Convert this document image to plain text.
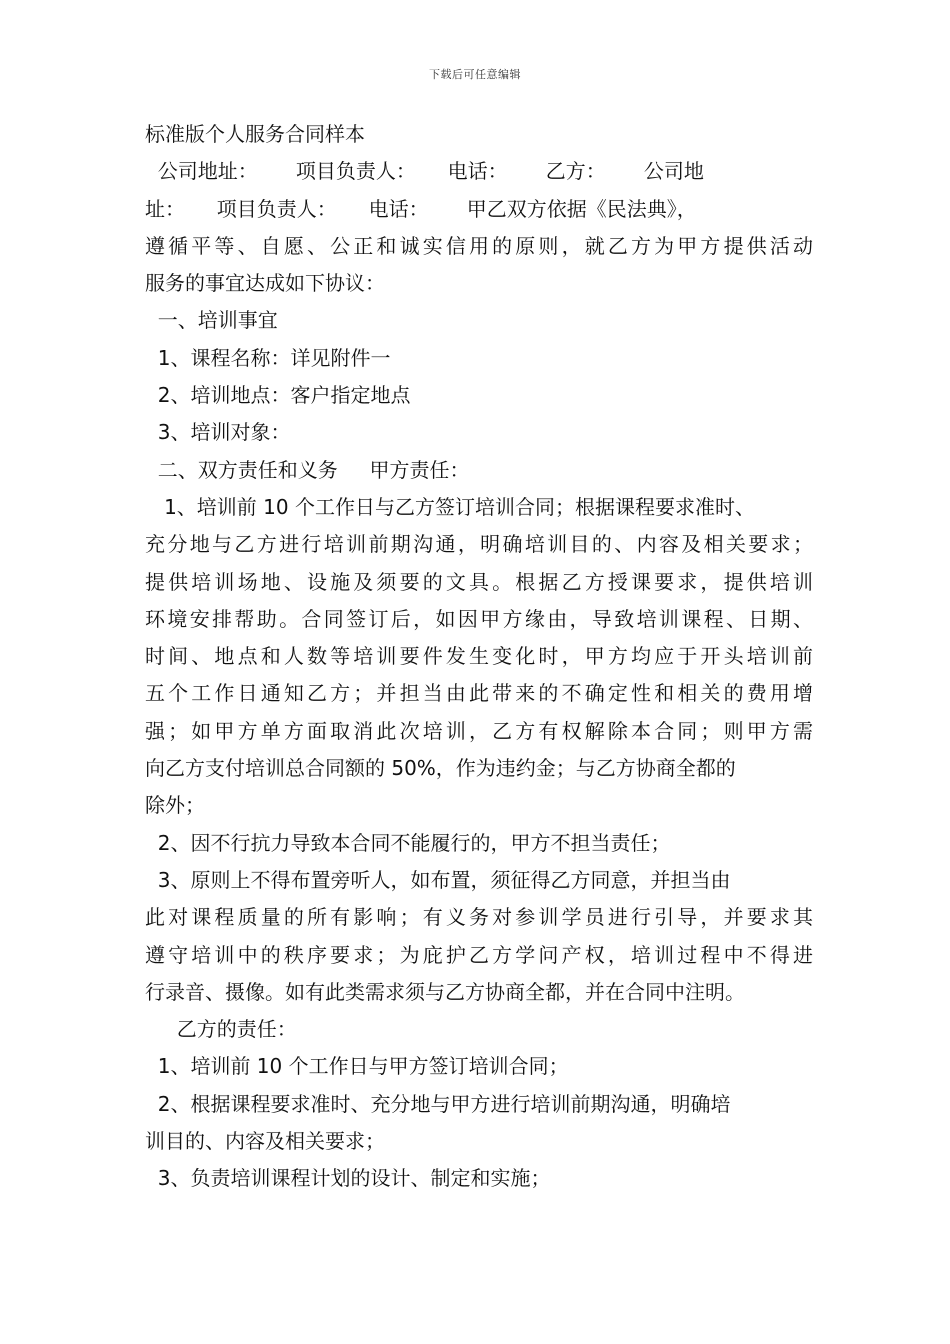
下载后可任意编辑
标准版个人服务合同样本
公司地址：      项目负责人：     电话：      乙方：      公司地
址：     项目负责人：     电话：      甲乙双方依据《民法典》，
遵循平等、自愿、公正和诚实信用的原则，就乙方为甲方提供活动
服务的事宜达成如下协议：
一、培训事宜
1、课程名称：详见附件一
2、培训地点：客户指定地点
3、培训对象：
二、双方责任和义务     甲方责任：
1、培训前 10 个工作日与乙方签订培训合同；根据课程要求准时、
充分地与乙方进行培训前期沟通，明确培训目的、内容及相关要求；
提供培训场地、设施及须要的文具。根据乙方授课要求，提供培训
环境安排帮助。合同签订后，如因甲方缘由，导致培训课程、日期、
时间、地点和人数等培训要件发生变化时，甲方均应于开头培训前
五个工作日通知乙方；并担当由此带来的不确定性和相关的费用增
强；如甲方单方面取消此次培训，乙方有权解除本合同；则甲方需
向乙方支付培训总合同额的 50%，作为违约金；与乙方协商全都的
除外；
2、因不行抗力导致本合同不能履行的，甲方不担当责任；
3、原则上不得布置旁听人，如布置，须征得乙方同意，并担当由
此对课程质量的所有影响；有义务对参训学员进行引导，并要求其
遵守培训中的秩序要求；为庇护乙方学问产权，培训过程中不得进
行录音、摄像。如有此类需求须与乙方协商全都，并在合同中注明。
乙方的责任：
1、培训前 10 个工作日与甲方签订培训合同；
2、根据课程要求准时、充分地与甲方进行培训前期沟通，明确培
训目的、内容及相关要求；
3、负责培训课程计划的设计、制定和实施；
